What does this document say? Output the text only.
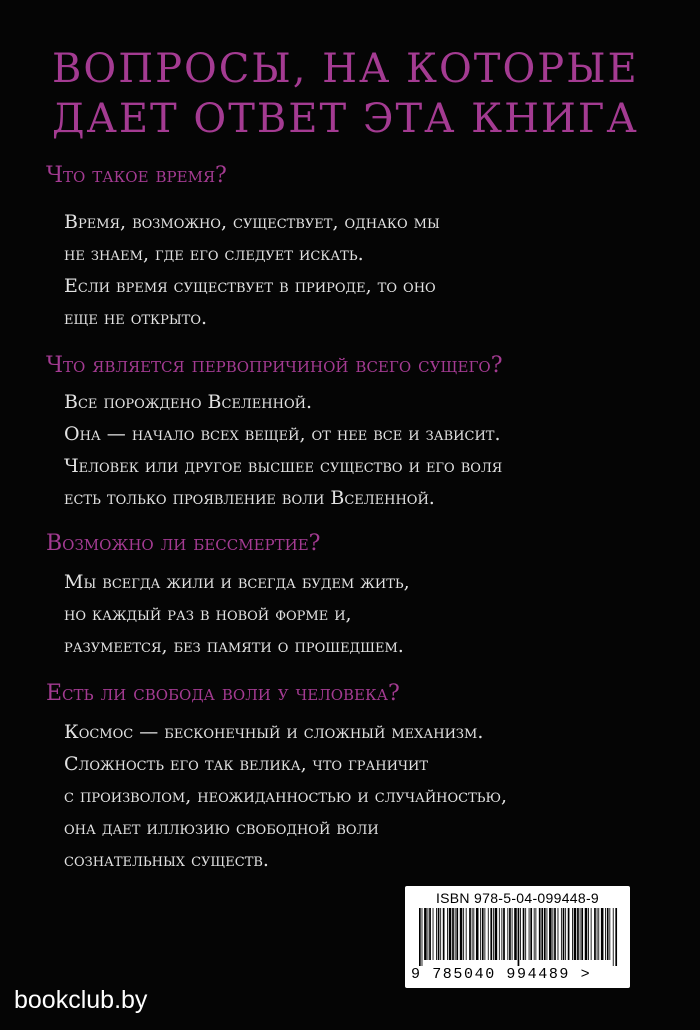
ВОПРОСЫ, НА КОТОРЫЕ
ДАЕТ ОТВЕТ ЭТА КНИГА
Что такое время?

Время, возможно, существует, однако мы
не знаем, где его следует искать.
Если время существует в природе, то оно
еще не открыто.

Что является первопричиной всего сущего?

Все порождено Вселенной.
Она — начало всех вещей, от нее все и зависит.
Человек или другое высшее существо и его воля
есть только проявление воли Вселенной.

Возможно ли бессмертие?

Мы всегда жили и всегда будем жить,
но каждый раз в новой форме и,
разумеется, без памяти о прошедшем.

Есть ли свобода воли у человека?

Космос — бесконечный и сложный механизм.
Сложность его так велика, что граничит
с произволом, неожиданностью и случайностью,
она дает иллюзию свободной воли
сознательных существ.

ISBN 978-5-04-099448-9
9 785040 994489 >

bookclub.by
